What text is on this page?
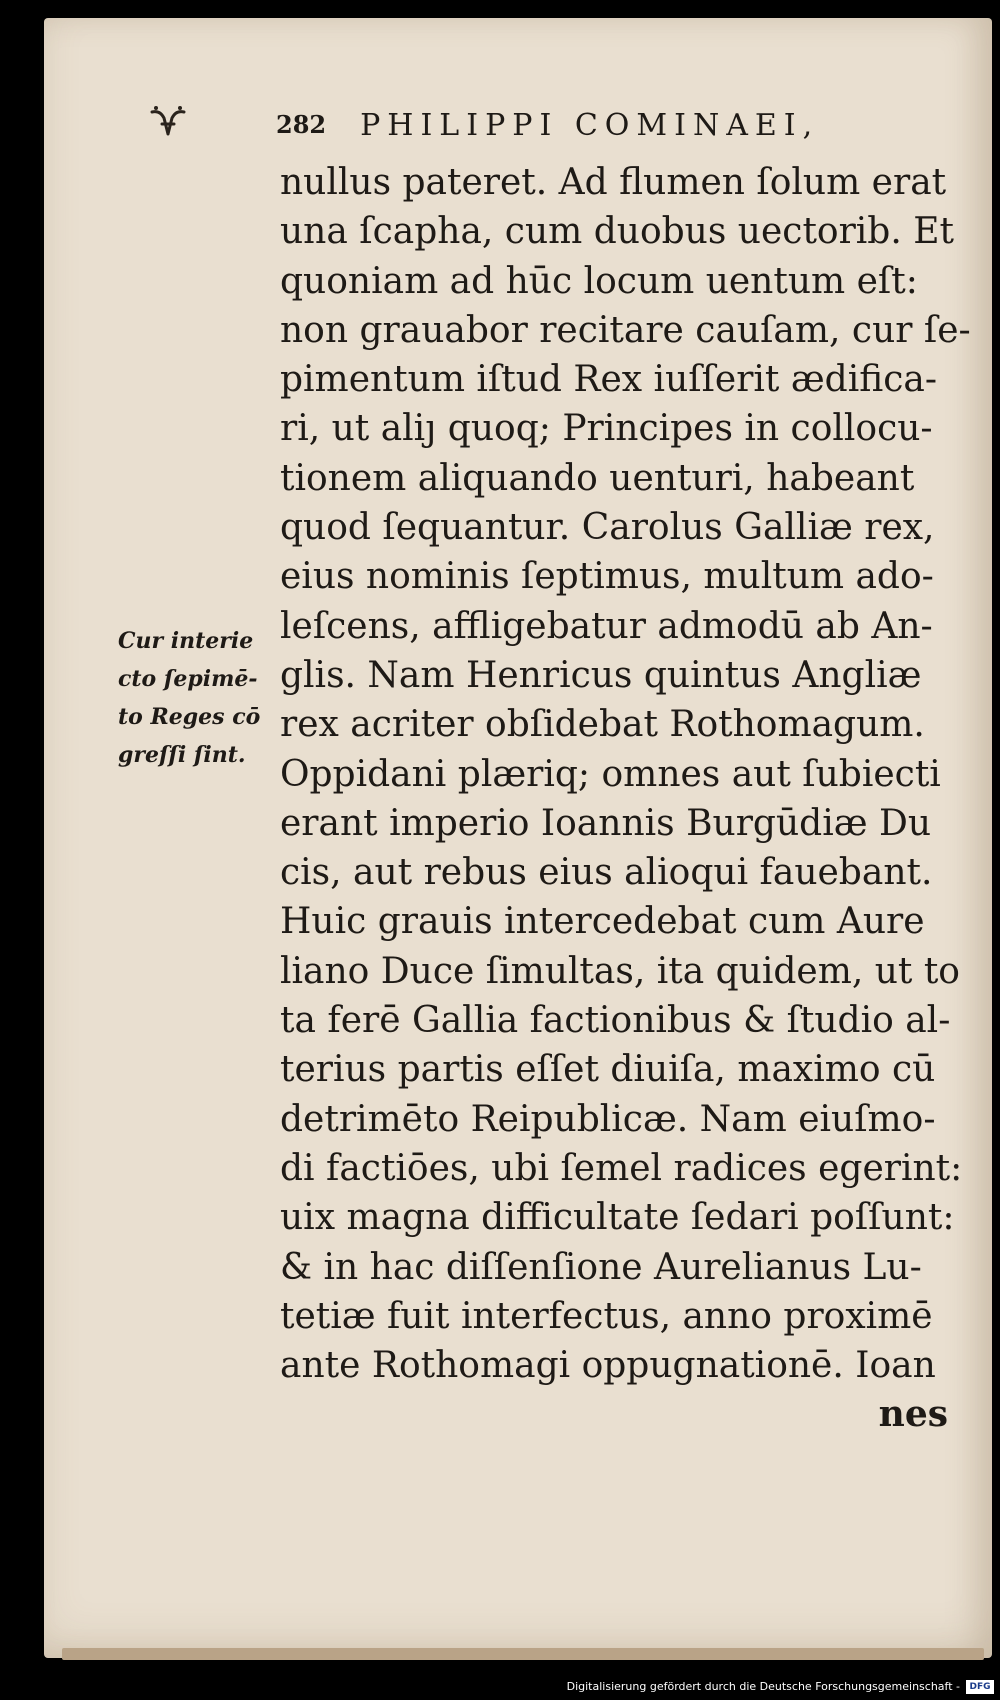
282 PHILIPPI COMINAEI,
nullus pateret. Ad flumen ſolum erat
una ſcapha, cum duobus uectorib. Et
quoniam ad hūc locum uentum eſt:
non grauabor recitare cauſam, cur ſe-
pimentum iſtud Rex iuſſerit ædifica-
ri, ut aliȷ quoq; Principes in collocu-
tionem aliquando uenturi, habeant
quod ſequantur. Carolus Galliæ rex,
eius nominis ſeptimus, multum ado-
leſcens, affligebatur admodū ab An-
glis. Nam Henricus quintus Angliæ
rex acriter obſidebat Rothomagum.
Oppidani plæriq; omnes aut ſubiecti
erant imperio Ioannis Burgūdiæ Du
cis, aut rebus eius alioqui fauebant.
Huic grauis intercedebat cum Aure
liano Duce ſimultas, ita quidem, ut to
ta ferē Gallia factionibus & ſtudio al-
terius partis eſſet diuiſa, maximo cū
detrimēto Reipublicæ. Nam eiuſmo-
di factiōes, ubi ſemel radices egerint:
uix magna difficultate ſedari poſſunt:
& in hac diſſenſione Aurelianus Lu-
tetiæ fuit interfectus, anno proximē
ante Rothomagi oppugnationē. Ioan
nes
Cur interie
cto ſepimē-
to Reges cō
greſſi ſint.
Digitalisierung gefördert durch die Deutsche Forschungsgemeinschaft -	DFG
